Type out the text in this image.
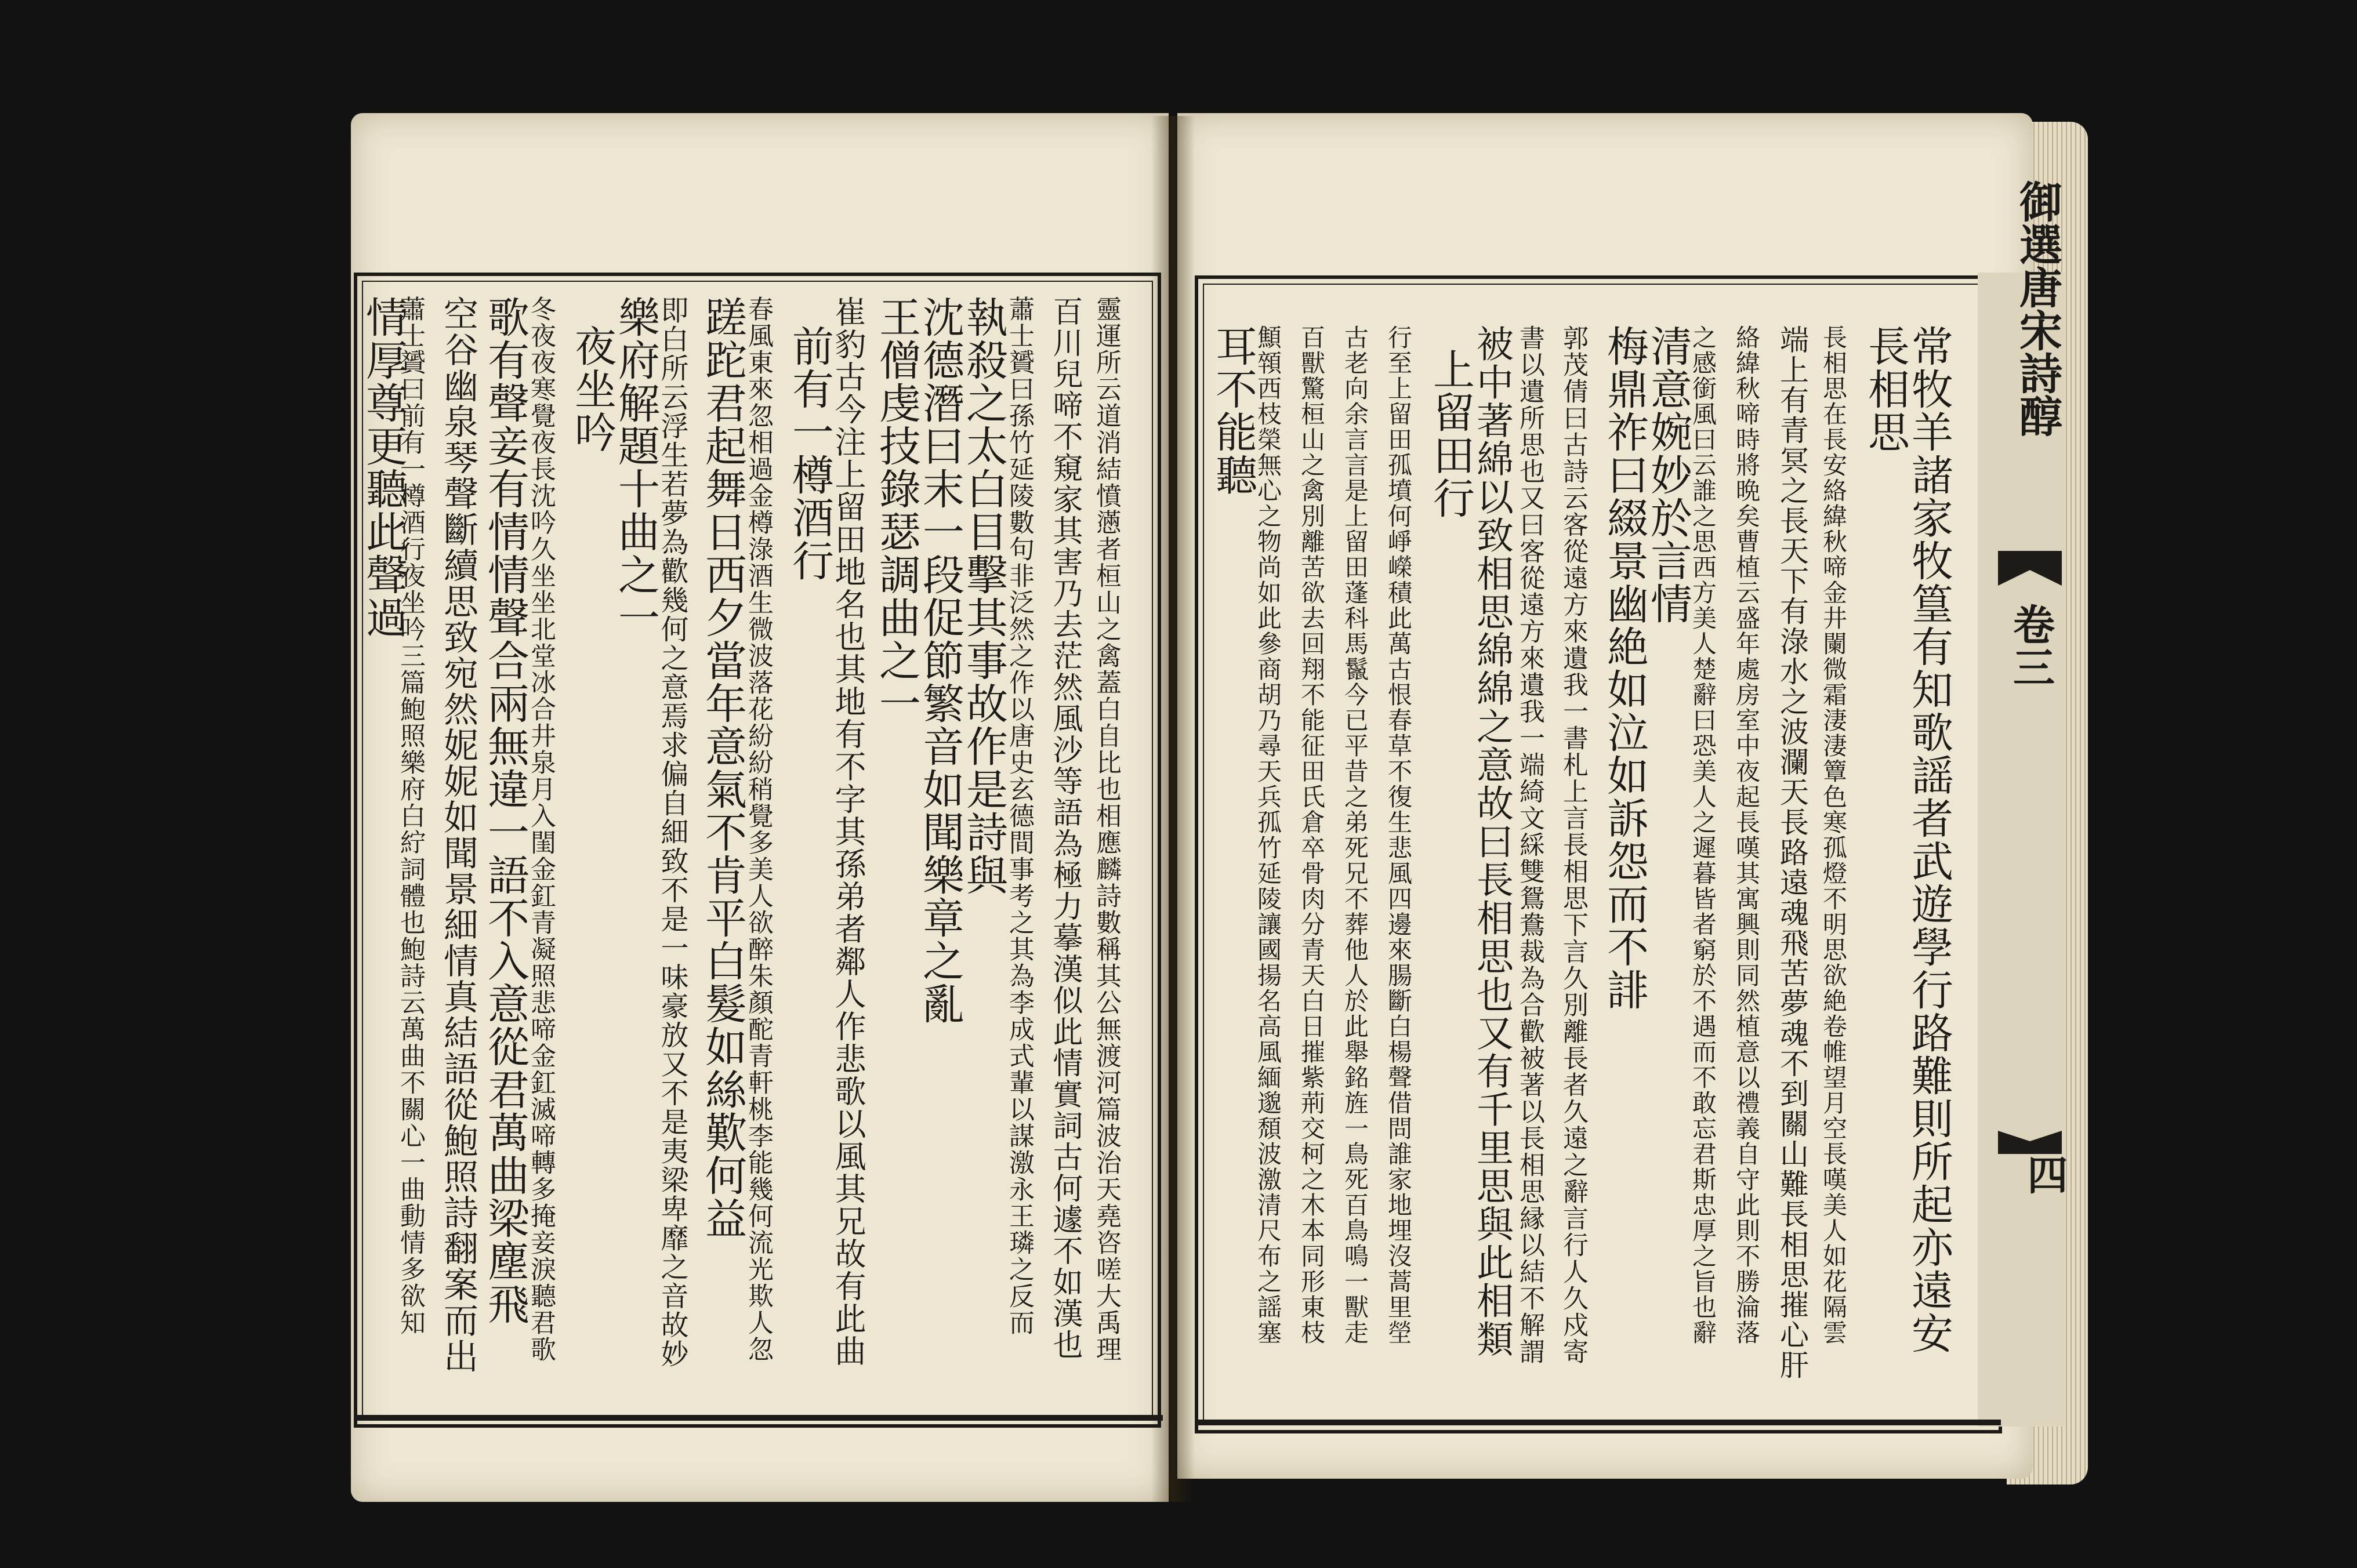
御選唐宋詩醇
四
卷三
常牧羊諸家牧篁有知歌謡者武遊學行路難則所起亦遠安
長相思
長相思在長安絡緯秋啼金井闌微霜淒淒簟色寒孤燈不明思欲絶卷帷望月空長嘆美人如花隔雲
端上有青冥之長天下有淥水之波瀾天長路遠魂飛苦夢魂不到關山難長相思摧心肝
絡緯秋啼時將晩矣曹植云盛年處房室中夜起長嘆其寓興則同然植意以禮義自守此則不勝淪落
之感銜風曰云誰之思西方美人楚辭曰恐美人之遲暮皆者窮於不遇而不敢忘君斯忠厚之旨也辭
清意婉妙於言情
梅鼎祚曰綴景幽絶如泣如訴怨而不誹
郭茂倩曰古詩云客從遠方來遺我一書札上言長相思下言久別離長者久遠之辭言行人久戍寄
書以遺所思也又曰客從遠方來遺我一端綺文綵雙鴛鴦裁為合歡被著以長相思縁以結不解謂
被中著綿以致相思綿綿之意故曰長相思也又有千里思與此相類
上留田行
行至上留田孤墳何崢嶸積此萬古恨春草不復生悲風四邊來腸斷白楊聲借問誰家地埋沒蒿里塋
古老向余言言是上留田蓬科馬鬣今已平昔之弟死兄不葬他人於此舉銘旌一鳥死百鳥鳴一獸走
百獸驚桓山之禽別離苦欲去回翔不能征田氏倉卒骨肉分青天白日摧紫荊交柯之木本同形東枝
顦顇西枝榮無心之物尚如此參商胡乃尋天兵孤竹延陵讓國揚名高風緬邈頹波激清尺布之謡塞
耳不能聽
靈運所云道消結憤懣者桓山之禽蓋白自比也相應麟詩數稱其公無渡河篇波治天堯咨嗟大禹理
百川兒啼不窺家其害乃去茫然風沙等語為極力摹漢似此情實詞古何遽不如漢也
蕭士贇曰孫竹延陵數句非泛然之作以唐史玄德間事考之其為李成式輩以謀激永王璘之反而
執殺之太白目擊其事故作是詩與
沈德潛曰末一段促節繁音如聞樂章之亂
王僧虔技錄瑟調曲之一
崔豹古今注上留田地名也其地有不字其孫弟者鄰人作悲歌以風其兄故有此曲
前有一樽酒行
春風東來忽相過金樽淥酒生微波落花紛紛稍覺多美人欲醉朱顏酡青軒桃李能幾何流光欺人忽
蹉跎君起舞日西夕當年意氣不肯平白髮如絲歎何益
即白所云浮生若夢為歡幾何之意焉求偏自細致不是一味豪放又不是夷梁卑靡之音故妙
樂府解題十曲之一
夜坐吟
冬夜夜寒覺夜長沈吟久坐坐北堂冰合井泉月入閨金釭青凝照悲啼金釭滅啼轉多掩妾淚聽君歌
歌有聲妾有情情聲合兩無違一語不入意從君萬曲梁塵飛
空谷幽泉琴聲斷續思致宛然妮妮如聞景細情真結語從鮑照詩翻案而出
蕭士贇曰前有一樽酒行夜坐吟三篇鮑照樂府白紵詞體也鮑詩云萬曲不關心一曲動情多欲知
情厚尊更聽此聲過
